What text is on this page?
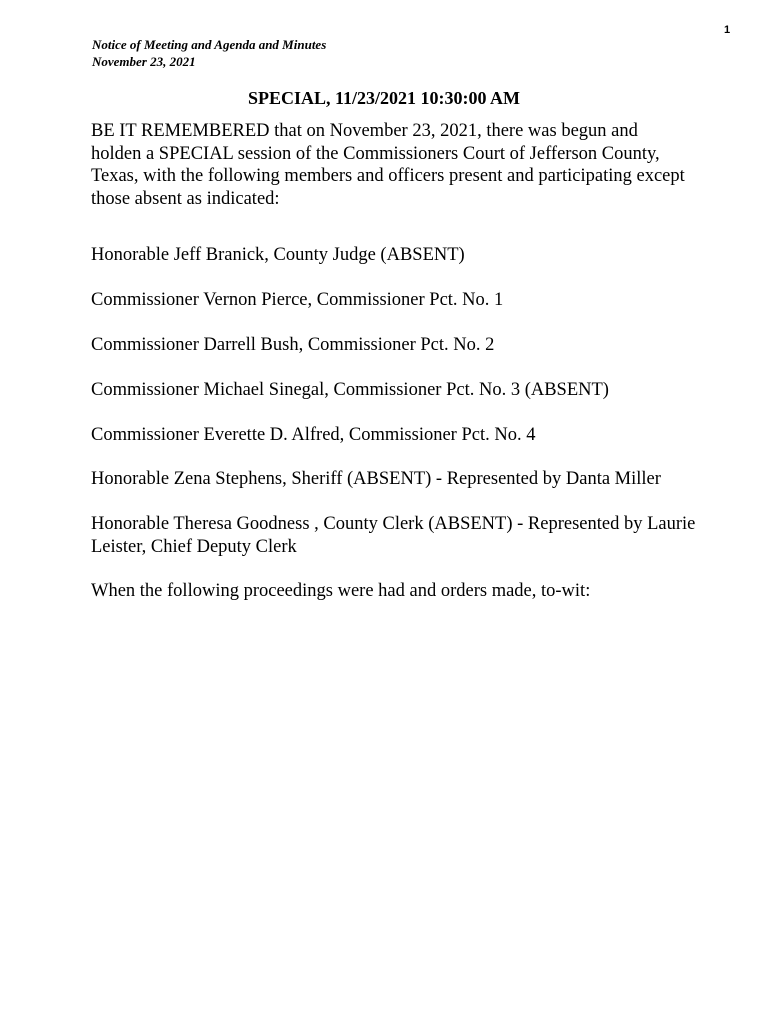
1
Notice of Meeting and Agenda and Minutes
November 23, 2021
SPECIAL, 11/23/2021 10:30:00 AM

BE IT REMEMBERED that on November 23, 2021, there was begun and holden a SPECIAL session of the Commissioners Court of Jefferson County, Texas, with the following members and officers present and participating except those absent as indicated:

Honorable Jeff Branick, County Judge (ABSENT)
Commissioner Vernon Pierce, Commissioner Pct. No. 1
Commissioner Darrell Bush, Commissioner Pct. No. 2
Commissioner Michael Sinegal, Commissioner Pct. No. 3 (ABSENT)
Commissioner Everette D. Alfred, Commissioner Pct. No. 4
Honorable Zena Stephens, Sheriff (ABSENT) - Represented by Danta Miller
Honorable Theresa Goodness , County Clerk (ABSENT) - Represented by Laurie Leister, Chief Deputy Clerk
When the following proceedings were had and orders made, to-wit:
